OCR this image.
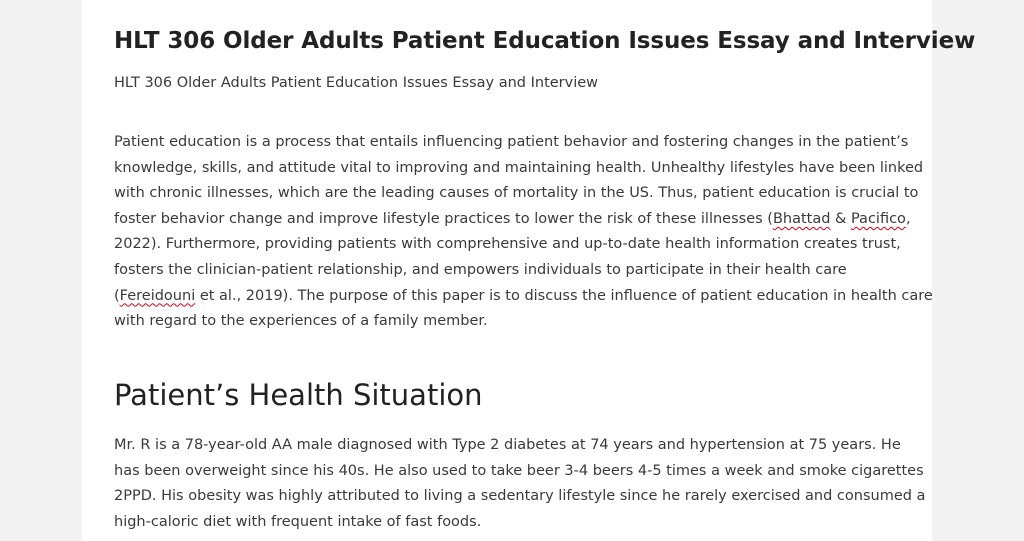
HLT 306 Older Adults Patient Education Issues Essay and Interview
HLT 306 Older Adults Patient Education Issues Essay and Interview

Patient education is a process that entails influencing patient behavior and fostering changes in the patient’s
knowledge, skills, and attitude vital to improving and maintaining health. Unhealthy lifestyles have been linked
with chronic illnesses, which are the leading causes of mortality in the US. Thus, patient education is crucial to
foster behavior change and improve lifestyle practices to lower the risk of these illnesses (Bhattad & Pacifico,
2022). Furthermore, providing patients with comprehensive and up-to-date health information creates trust,
fosters the clinician-patient relationship, and empowers individuals to participate in their health care
(Fereidouni et al., 2019). The purpose of this paper is to discuss the influence of patient education in health care
with regard to the experiences of a family member.

Patient’s Health Situation

Mr. R is a 78-year-old AA male diagnosed with Type 2 diabetes at 74 years and hypertension at 75 years. He
has been overweight since his 40s. He also used to take beer 3-4 beers 4-5 times a week and smoke cigarettes
2PPD. His obesity was highly attributed to living a sedentary lifestyle since he rarely exercised and consumed a
high-caloric diet with frequent intake of fast foods.
